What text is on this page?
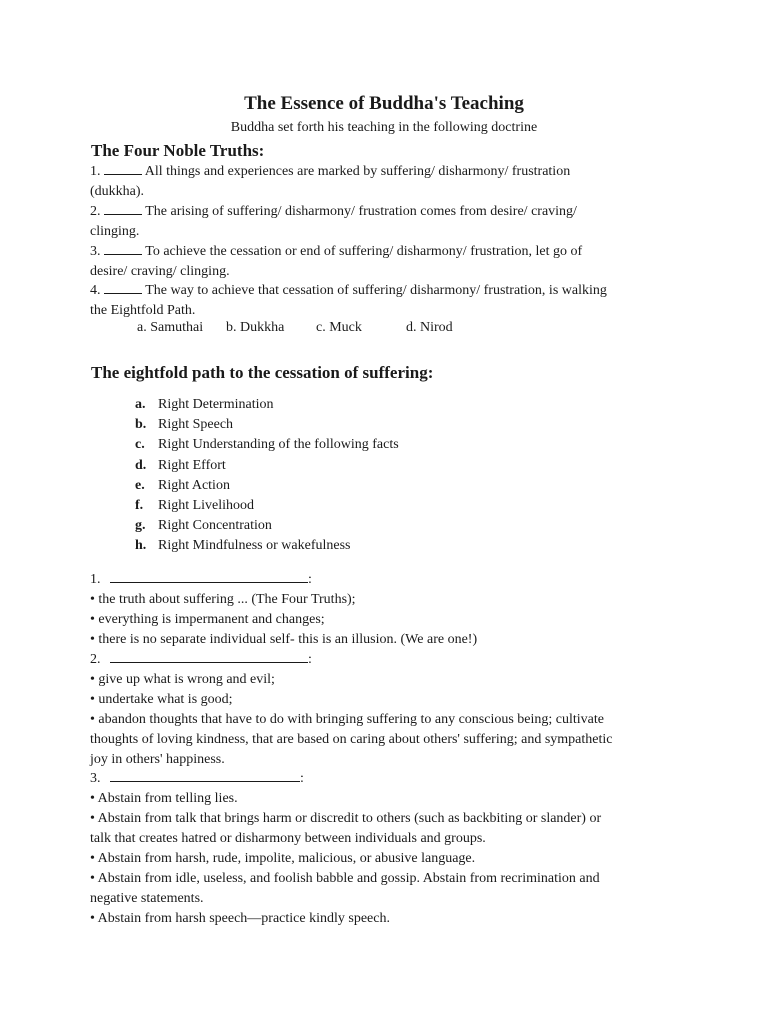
The Essence of Buddha's Teaching
Buddha set forth his teaching in the following doctrine
The Four Noble Truths:
1.	All things and experiences are marked by suffering/ disharmony/ frustration
(dukkha).
2.	The arising of suffering/ disharmony/ frustration comes from desire/ craving/
clinging.
3.	To achieve the cessation or end of suffering/ disharmony/ frustration, let go of
desire/ craving/ clinging.
4.	The way to achieve that cessation of suffering/ disharmony/ frustration, is walking
the Eightfold Path.
a. Samuthai b. Dukkha c. Muck	d. Nirod
The eightfold path to the cessation of suffering:
a. Right Determination
b. Right Speech
c. Right Understanding of the following facts
d. Right Effort
e. Right Action
f. Right Livelihood
g. Right Concentration
h. Right Mindfulness or wakefulness
1.	:
• the truth about suffering ... (The Four Truths);
• everything is impermanent and changes;
• there is no separate individual self- this is an illusion. (We are one!)
2.	:
• give up what is wrong and evil;
• undertake what is good;
• abandon thoughts that have to do with bringing suffering to any conscious being; cultivate
thoughts of loving kindness, that are based on caring about others' suffering; and sympathetic
joy in others' happiness.
3.	:
• Abstain from telling lies.
• Abstain from talk that brings harm or discredit to others (such as backbiting or slander) or
talk that creates hatred or disharmony between individuals and groups.
• Abstain from harsh, rude, impolite, malicious, or abusive language.
• Abstain from idle, useless, and foolish babble and gossip. Abstain from recrimination and
negative statements.
• Abstain from harsh speech—practice kindly speech.
